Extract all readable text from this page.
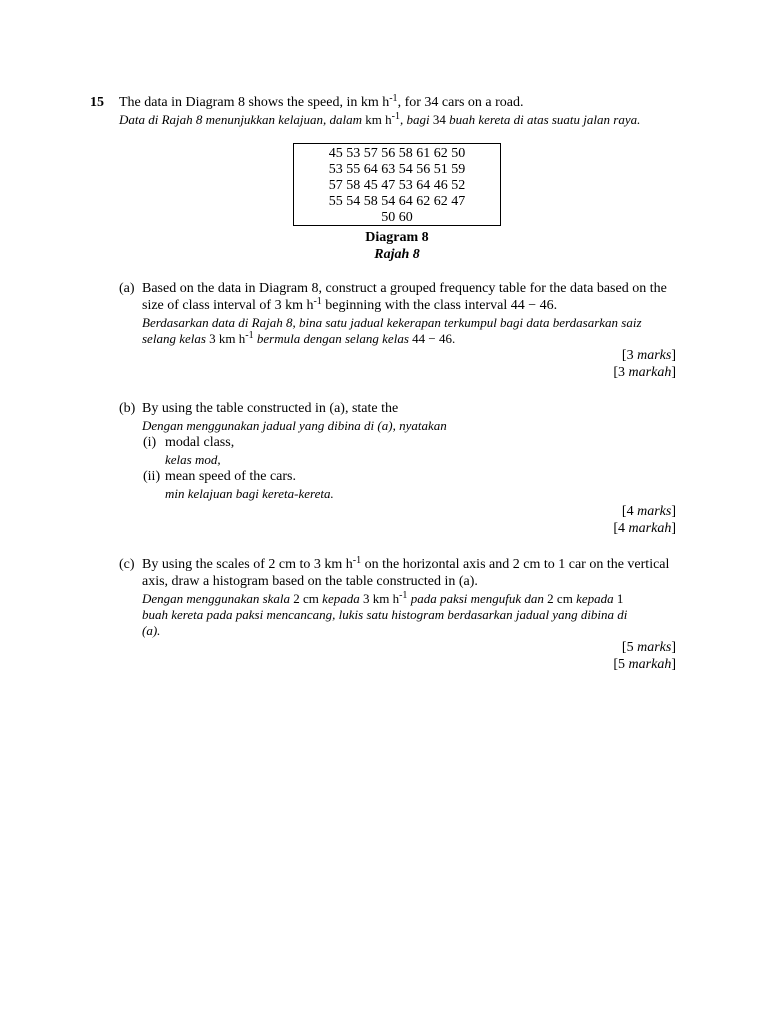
15 The data in Diagram 8 shows the speed, in km $h^{-1}$, for 34 cars on a road.
Data di Rajah 8 menunjukkan kelajuan, dalam km $h^{-1}$, bagi 34 buah kereta di atas suatu jalan raya.
45 53 57 56 58 61 62 50
53 55 64 63 54 56 51 59
57 58 45 47 53 64 46 52
55 54 58 54 64 62 62 47
50 60
Diagram 8
Rajah 8
(a) Based on the data in Diagram 8, construct a grouped frequency table for the data based on the
size of class interval of 3 km $h^{-1}$ beginning with the class interval 44 − 46.
Berdasarkan data di Rajah 8, bina satu jadual kekerapan terkumpul bagi data berdasarkan saiz
selang kelas 3 km $h^{-1}$ bermula dengan selang kelas 44 − 46.
[3 marks]
[3 markah]
(b) By using the table constructed in (a), state the
Dengan menggunakan jadual yang dibina di (a), nyatakan
(i) modal class,
kelas mod,
(ii) mean speed of the cars.
min kelajuan bagi kereta-kereta.
[4 marks]
[4 markah]
(c) By using the scales of 2 cm to 3 km $h^{-1}$ on the horizontal axis and 2 cm to 1 car on the vertical
axis, draw a histogram based on the table constructed in (a).
Dengan menggunakan skala 2 cm kepada 3 km $h^{-1}$ pada paksi mengufuk dan 2 cm kepada 1
buah kereta pada paksi mencancang, lukis satu histogram berdasarkan jadual yang dibina di
(a).
[5 marks]
[5 markah]
